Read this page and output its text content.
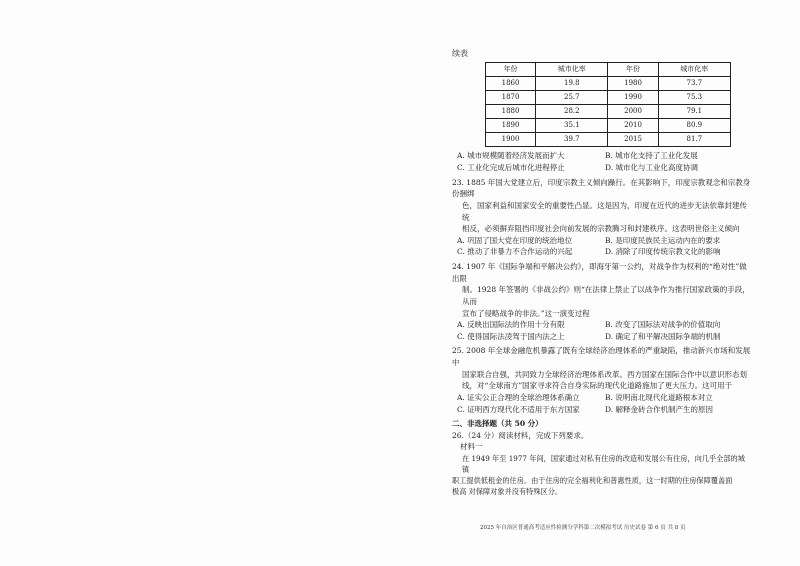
续表
年份	城市化率	年份	城市化率
1860	19.8	1980	73.7
1870	25.7	1990	75.3
1880	28.2	2000	79.1
1890	35.1	2010	80.9
1900	39.7	2015	81.7
A. 城市规模随着经济发展而扩大	B. 城市化支持了工业化发展
C. 工业化完成后城市化进程停止	D. 城市化与工业化高度协调
23. 1885 年国大党建立后，印度宗教主义倾向躁行。在其影响下，印度宗教观念和宗教身份捆绑
色，国家利益和国家安全的重要性凸显。这是因为，印度在近代的进步无法依靠封建传统
相反，必须摒弃阻挡印度社会向前发展的宗教腾习和封建秩序。这表明世俗主义倾向
A. 巩固了国大党在印度的统治地位	B. 是印度民族民主运动内在的要求
C. 推动了非暴力不合作运动的兴起	D. 消除了印度传统宗教文化的影响
24. 1907 年《国际争端和平解决公约》，即海牙第一公约，对战争作为权利的“绝对性”做出限
制。1928 年签署的《非战公约》则“在法律上禁止了以战争作为推行国家政策的手段，从而
宣布了侵略战争的非法。”这一演变过程
A. 反映出国际法的作用十分有限	B. 改变了国际法对战争的价值取向
C. 使得国际法凌驾于国内法之上	D. 确定了和平解决国际争端的机制
25. 2008 年全球金融危机暴露了既有全球经济治理体系的严重缺陷，推动新兴市场和发展中
国家联合自强，共同致力全球经济治理体系改革。西方国家在国际合作中以意识形态划
线，对“全球南方”国家寻求符合自身实际的现代化道路施加了更大压力。这可用于
A. 证实公正合理的全球治理体系确立	B. 说明南北现代化道路根本对立
C. 证明西方现代化不适用于东方国家	D. 解释金砖合作机制产生的原因
二、非选择题（共 50 分）
26.（24 分）阅读材料，完成下列要求。
材料一
在 1949 年至 1977 年间，国家通过对私有住房的改造和发展公有住房，向几乎全部的城镇
职工提供低租金的住房。由于住房的完全福利化和普惠性质，这一时期的住房保障覆盖面
极高 对保障对象并没有特殊区分。
2025 年自治区普通高考适应性检测分学科第二次模拟考试 历史试卷 第 6 页 共 8 页
